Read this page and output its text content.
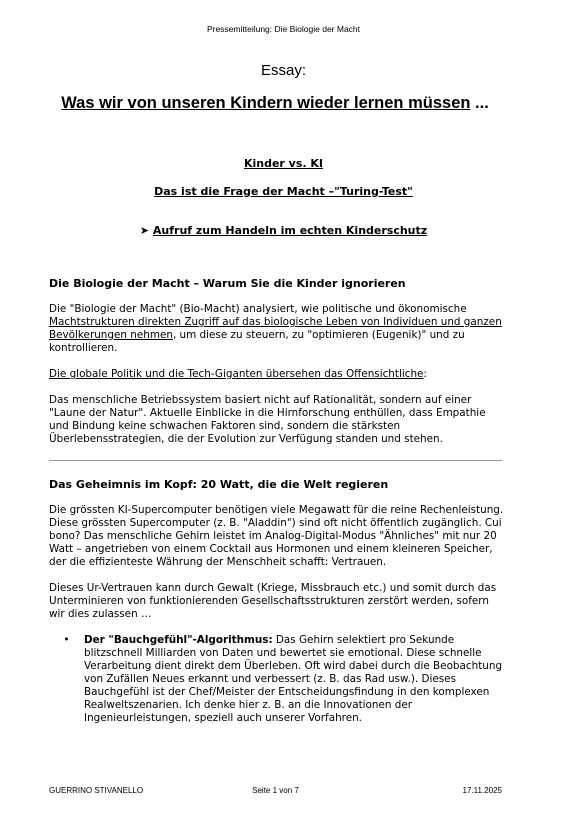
Pressemitteilung: Die Biologie der Macht
Essay:
Was wir von unseren Kindern wieder lernen müssen ...
Kinder vs. KI
Das ist die Frage der Macht –"Turing-Test"
➤ Aufruf zum Handeln im echten Kinderschutz

Die Biologie der Macht – Warum Sie die Kinder ignorieren

Die "Biologie der Macht" (Bio-Macht) analysiert, wie politische und ökonomische Machtstrukturen direkten Zugriff auf das biologische Leben von Individuen und ganzen Bevölkerungen nehmen, um diese zu steuern, zu "optimieren (Eugenik)" und zu kontrollieren.

Die globale Politik und die Tech-Giganten übersehen das Offensichtliche:

Das menschliche Betriebssystem basiert nicht auf Rationalität, sondern auf einer "Laune der Natur". Aktuelle Einblicke in die Hirnforschung enthüllen, dass Empathie und Bindung keine schwachen Faktoren sind, sondern die stärksten Überlebensstrategien, die der Evolution zur Verfügung standen und stehen.

Das Geheimnis im Kopf: 20 Watt, die die Welt regieren

Die grössten KI-Supercomputer benötigen viele Megawatt für die reine Rechenleistung. Diese grössten Supercomputer (z. B. "Aladdin") sind oft nicht öffentlich zugänglich. Cui bono? Das menschliche Gehirn leistet im Analog-Digital-Modus "Ähnliches" mit nur 20 Watt – angetrieben von einem Cocktail aus Hormonen und einem kleineren Speicher, der die effizienteste Währung der Menschheit schafft: Vertrauen.

Dieses Ur-Vertrauen kann durch Gewalt (Kriege, Missbrauch etc.) und somit durch das Unterminieren von funktionierenden Gesellschaftsstrukturen zerstört werden, sofern wir dies zulassen …

•	Der "Bauchgefühl"-Algorithmus: Das Gehirn selektiert pro Sekunde blitzschnell Milliarden von Daten und bewertet sie emotional. Diese schnelle Verarbeitung dient direkt dem Überleben. Oft wird dabei durch die Beobachtung von Zufällen Neues erkannt und verbessert (z. B. das Rad usw.). Dieses Bauchgefühl ist der Chef/Meister der Entscheidungsfindung in den komplexen Realweltszenarien. Ich denke hier z. B. an die Innovationen der Ingenieurleistungen, speziell auch unserer Vorfahren.

GUERRINO STIVANELLO	Seite 1 von 7	17.11.2025
